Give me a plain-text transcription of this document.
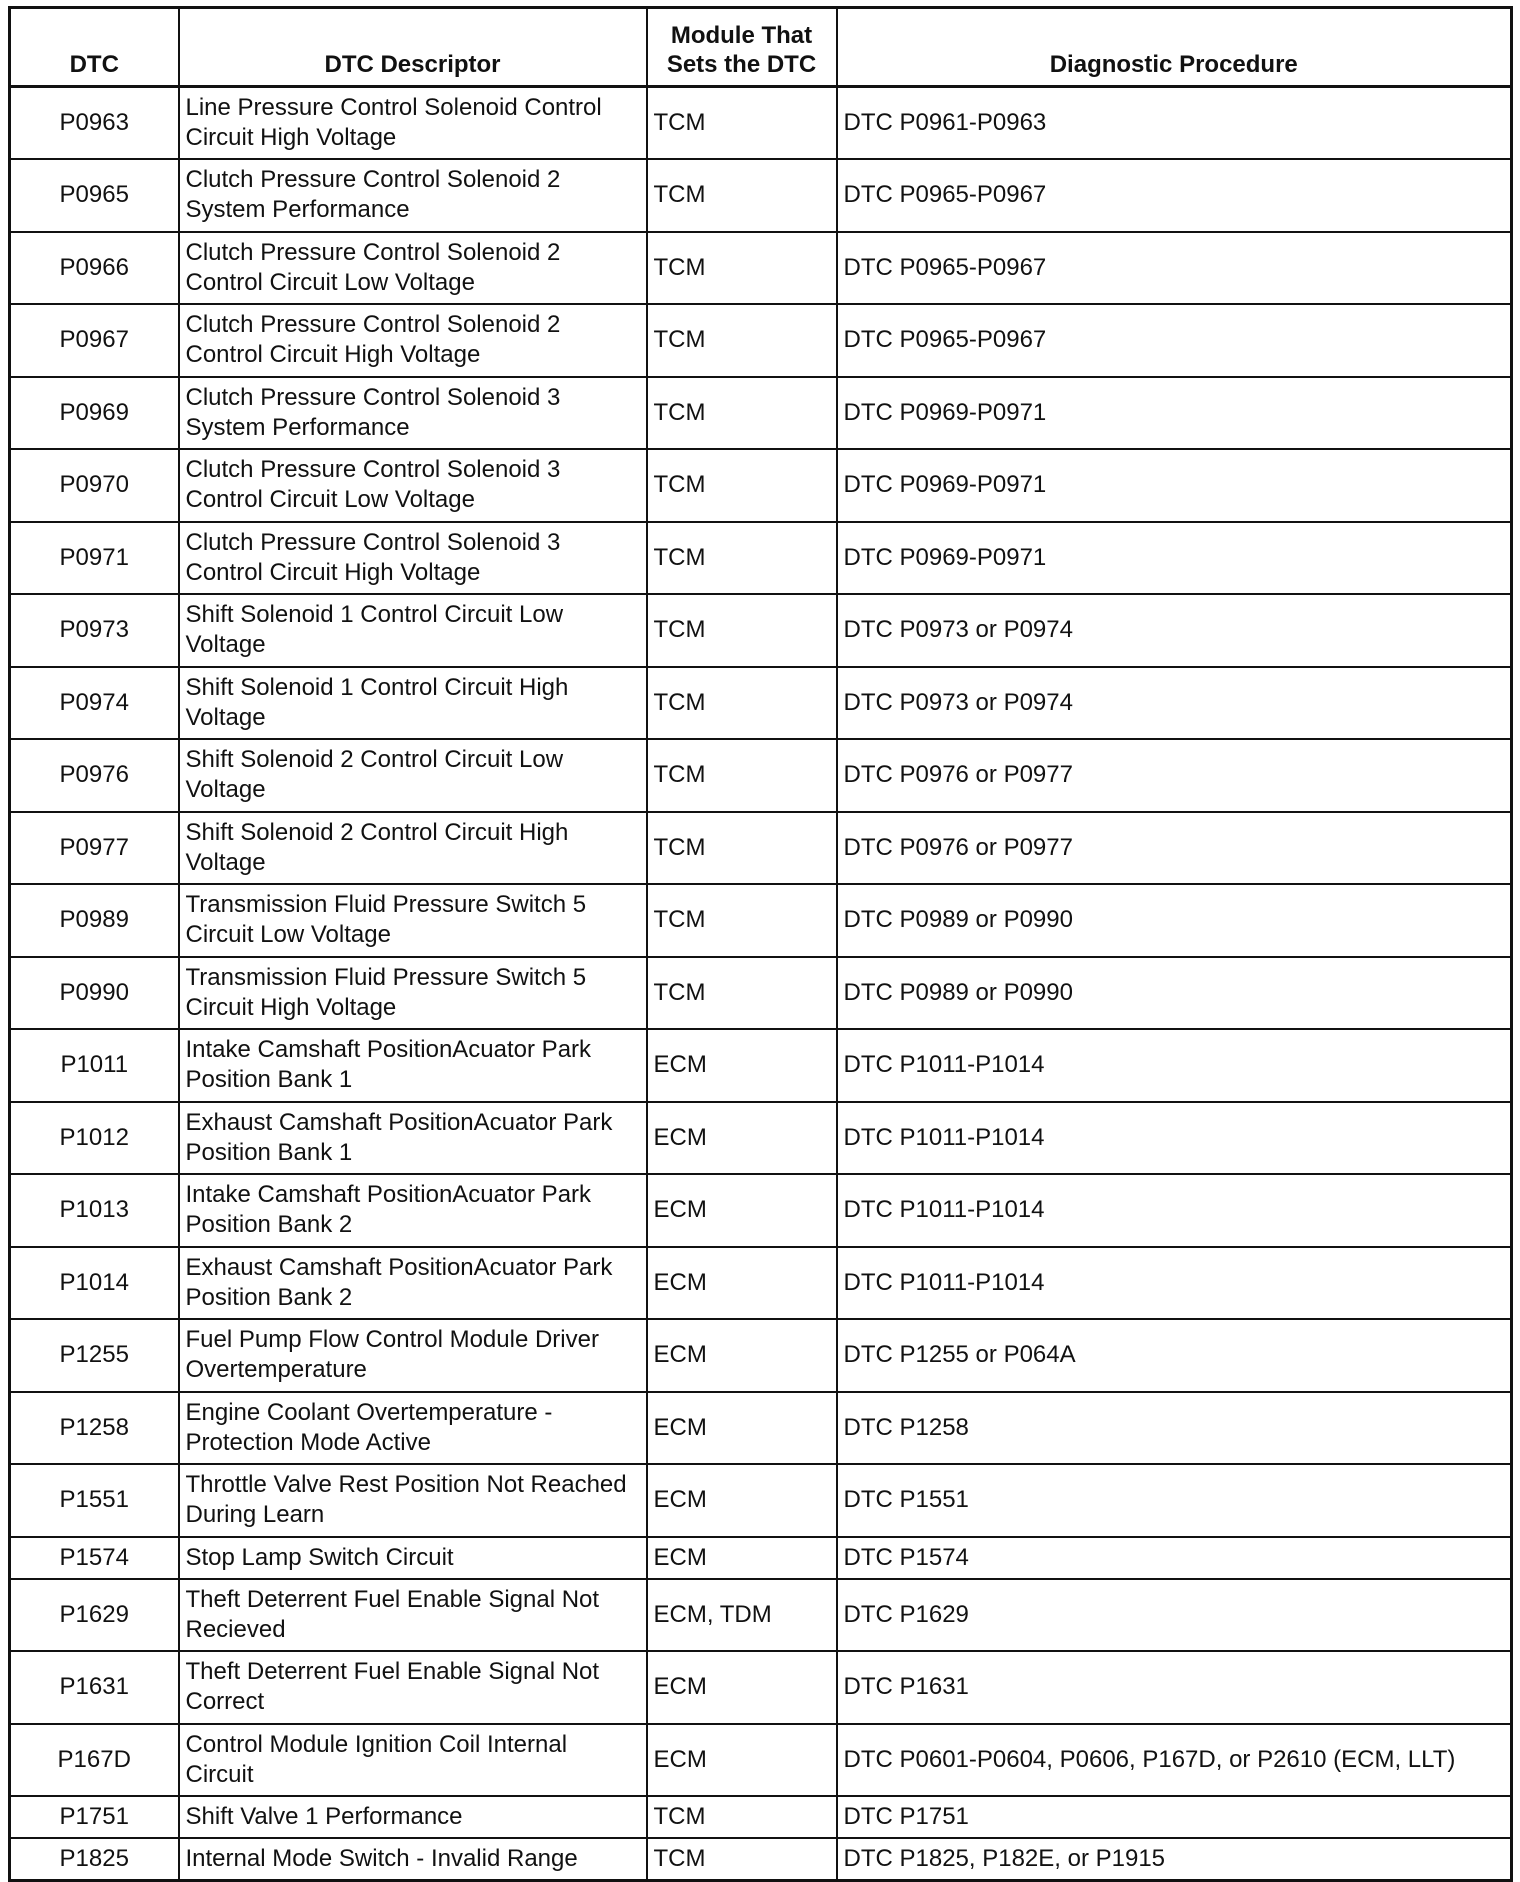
DTC	DTC Descriptor	Module That Sets the DTC	Diagnostic Procedure
P0963	Line Pressure Control Solenoid Control Circuit High Voltage	TCM	DTC P0961-P0963
P0965	Clutch Pressure Control Solenoid 2 System Performance	TCM	DTC P0965-P0967
P0966	Clutch Pressure Control Solenoid 2 Control Circuit Low Voltage	TCM	DTC P0965-P0967
P0967	Clutch Pressure Control Solenoid 2 Control Circuit High Voltage	TCM	DTC P0965-P0967
P0969	Clutch Pressure Control Solenoid 3 System Performance	TCM	DTC P0969-P0971
P0970	Clutch Pressure Control Solenoid 3 Control Circuit Low Voltage	TCM	DTC P0969-P0971
P0971	Clutch Pressure Control Solenoid 3 Control Circuit High Voltage	TCM	DTC P0969-P0971
P0973	Shift Solenoid 1 Control Circuit Low Voltage	TCM	DTC P0973 or P0974
P0974	Shift Solenoid 1 Control Circuit High Voltage	TCM	DTC P0973 or P0974
P0976	Shift Solenoid 2 Control Circuit Low Voltage	TCM	DTC P0976 or P0977
P0977	Shift Solenoid 2 Control Circuit High Voltage	TCM	DTC P0976 or P0977
P0989	Transmission Fluid Pressure Switch 5 Circuit Low Voltage	TCM	DTC P0989 or P0990
P0990	Transmission Fluid Pressure Switch 5 Circuit High Voltage	TCM	DTC P0989 or P0990
P1011	Intake Camshaft PositionAcuator Park Position Bank 1	ECM	DTC P1011-P1014
P1012	Exhaust Camshaft PositionAcuator Park Position Bank 1	ECM	DTC P1011-P1014
P1013	Intake Camshaft PositionAcuator Park Position Bank 2	ECM	DTC P1011-P1014
P1014	Exhaust Camshaft PositionAcuator Park Position Bank 2	ECM	DTC P1011-P1014
P1255	Fuel Pump Flow Control Module Driver Overtemperature	ECM	DTC P1255 or P064A
P1258	Engine Coolant Overtemperature - Protection Mode Active	ECM	DTC P1258
P1551	Throttle Valve Rest Position Not Reached During Learn	ECM	DTC P1551
P1574	Stop Lamp Switch Circuit	ECM	DTC P1574
P1629	Theft Deterrent Fuel Enable Signal Not Recieved	ECM, TDM	DTC P1629
P1631	Theft Deterrent Fuel Enable Signal Not Correct	ECM	DTC P1631
P167D	Control Module Ignition Coil Internal Circuit	ECM	DTC P0601-P0604, P0606, P167D, or P2610 (ECM, LLT)
P1751	Shift Valve 1 Performance	TCM	DTC P1751
P1825	Internal Mode Switch - Invalid Range	TCM	DTC P1825, P182E, or P1915
